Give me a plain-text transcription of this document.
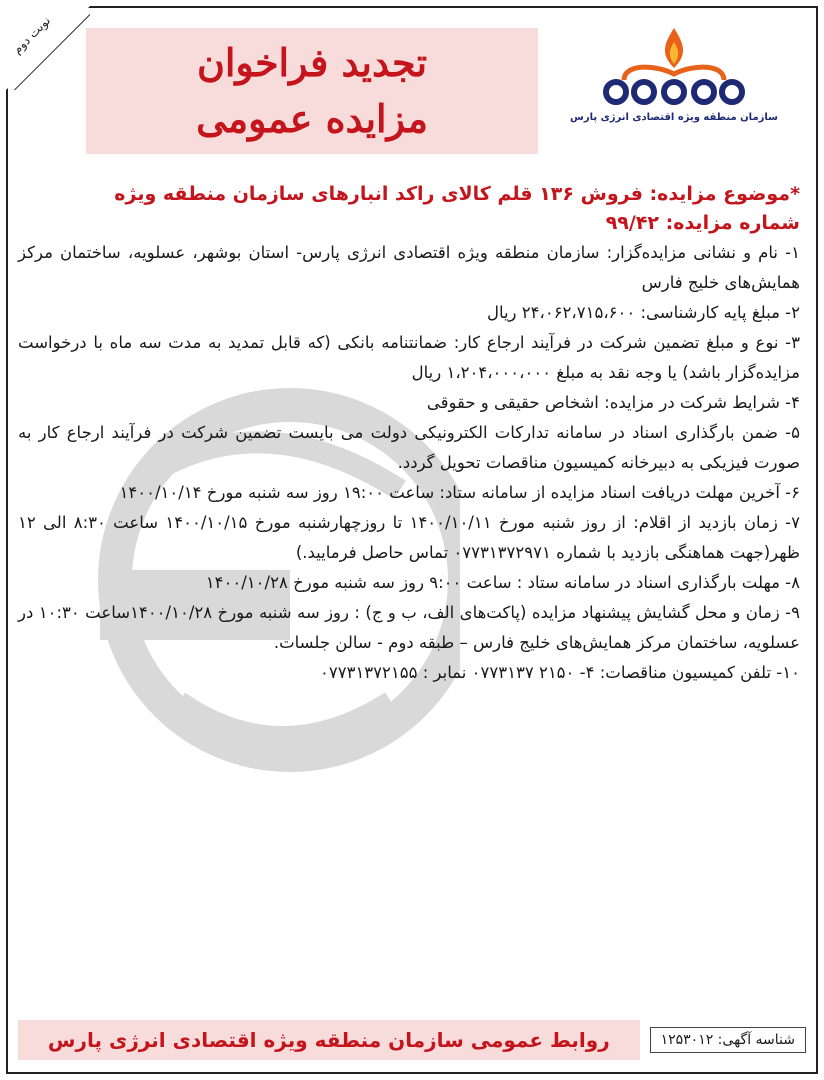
نوبت دوم
تجدید فراخوان
مزایده عمومی	سازمان منطقه ویژه اقتصادی انرژی پارس

*موضوع مزایده: فروش ۱۳۶ قلم کالای راکد انبارهای سازمان منطقه ویژه

شماره مزایده: ۹۹/۴۲

۱- نام و نشانی مزایده‌گزار: سازمان منطقه ویژه اقتصادی انرژی پارس- استان بوشهر، عسلویه، ساختمان مرکز همایش‌های خلیج فارس

۲- مبلغ پایه کارشناسی: ۲۴،۰۶۲،۷۱۵،۶۰۰ ریال

۳- نوع و مبلغ تضمین شرکت در فرآیند ارجاع کار: ضمانتنامه بانکی (که قابل تمدید به مدت سه ماه با درخواست مزایده‌گزار باشد) یا وجه نقد به مبلغ ۱،۲۰۴،۰۰۰،۰۰۰ ریال

۴- شرایط شرکت در مزایده: اشخاص حقیقی و حقوقی

۵- ضمن بارگذاری اسناد در سامانه تدارکات الکترونیکی دولت می بایست تضمین شرکت در فرآیند ارجاع کار به صورت فیزیکی به دبیرخانه کمیسیون مناقصات تحویل گردد.

۶- آخرین مهلت دریافت اسناد مزایده از سامانه ستاد: ساعت ۱۹:۰۰ روز سه شنبه مورخ ۱۴۰۰/۱۰/۱۴

۷- زمان بازدید از اقلام: از روز شنبه مورخ ۱۴۰۰/۱۰/۱۱ تا روزچهارشنبه مورخ ۱۴۰۰/۱۰/۱۵ ساعت ۸:۳۰ الی ۱۲ ظهر(جهت هماهنگی بازدید با شماره ۰۷۷۳۱۳۷۲۹۷۱ تماس حاصل فرمایید.)

۸- مهلت بارگذاری اسناد در سامانه ستاد : ساعت ۹:۰۰ روز سه شنبه مورخ ۱۴۰۰/۱۰/۲۸

۹- زمان و محل گشایش پیشنهاد مزایده (پاکت‌های الف، ب و ج) : روز سه شنبه مورخ ۱۴۰۰/۱۰/۲۸ساعت ۱۰:۳۰ در عسلویه، ساختمان مرکز همایش‌های خلیج فارس – طبقه دوم - سالن جلسات.

۱۰- تلفن کمیسیون مناقصات: ۴- ۲۱۵۰ ۰۷۷۳۱۳۷ نمابر : ۰۷۷۳۱۳۷۲۱۵۵

شناسه آگهی: ۱۲۵۳۰۱۲
روابط عمومی سازمان منطقه ویژه اقتصادی انرژی پارس
